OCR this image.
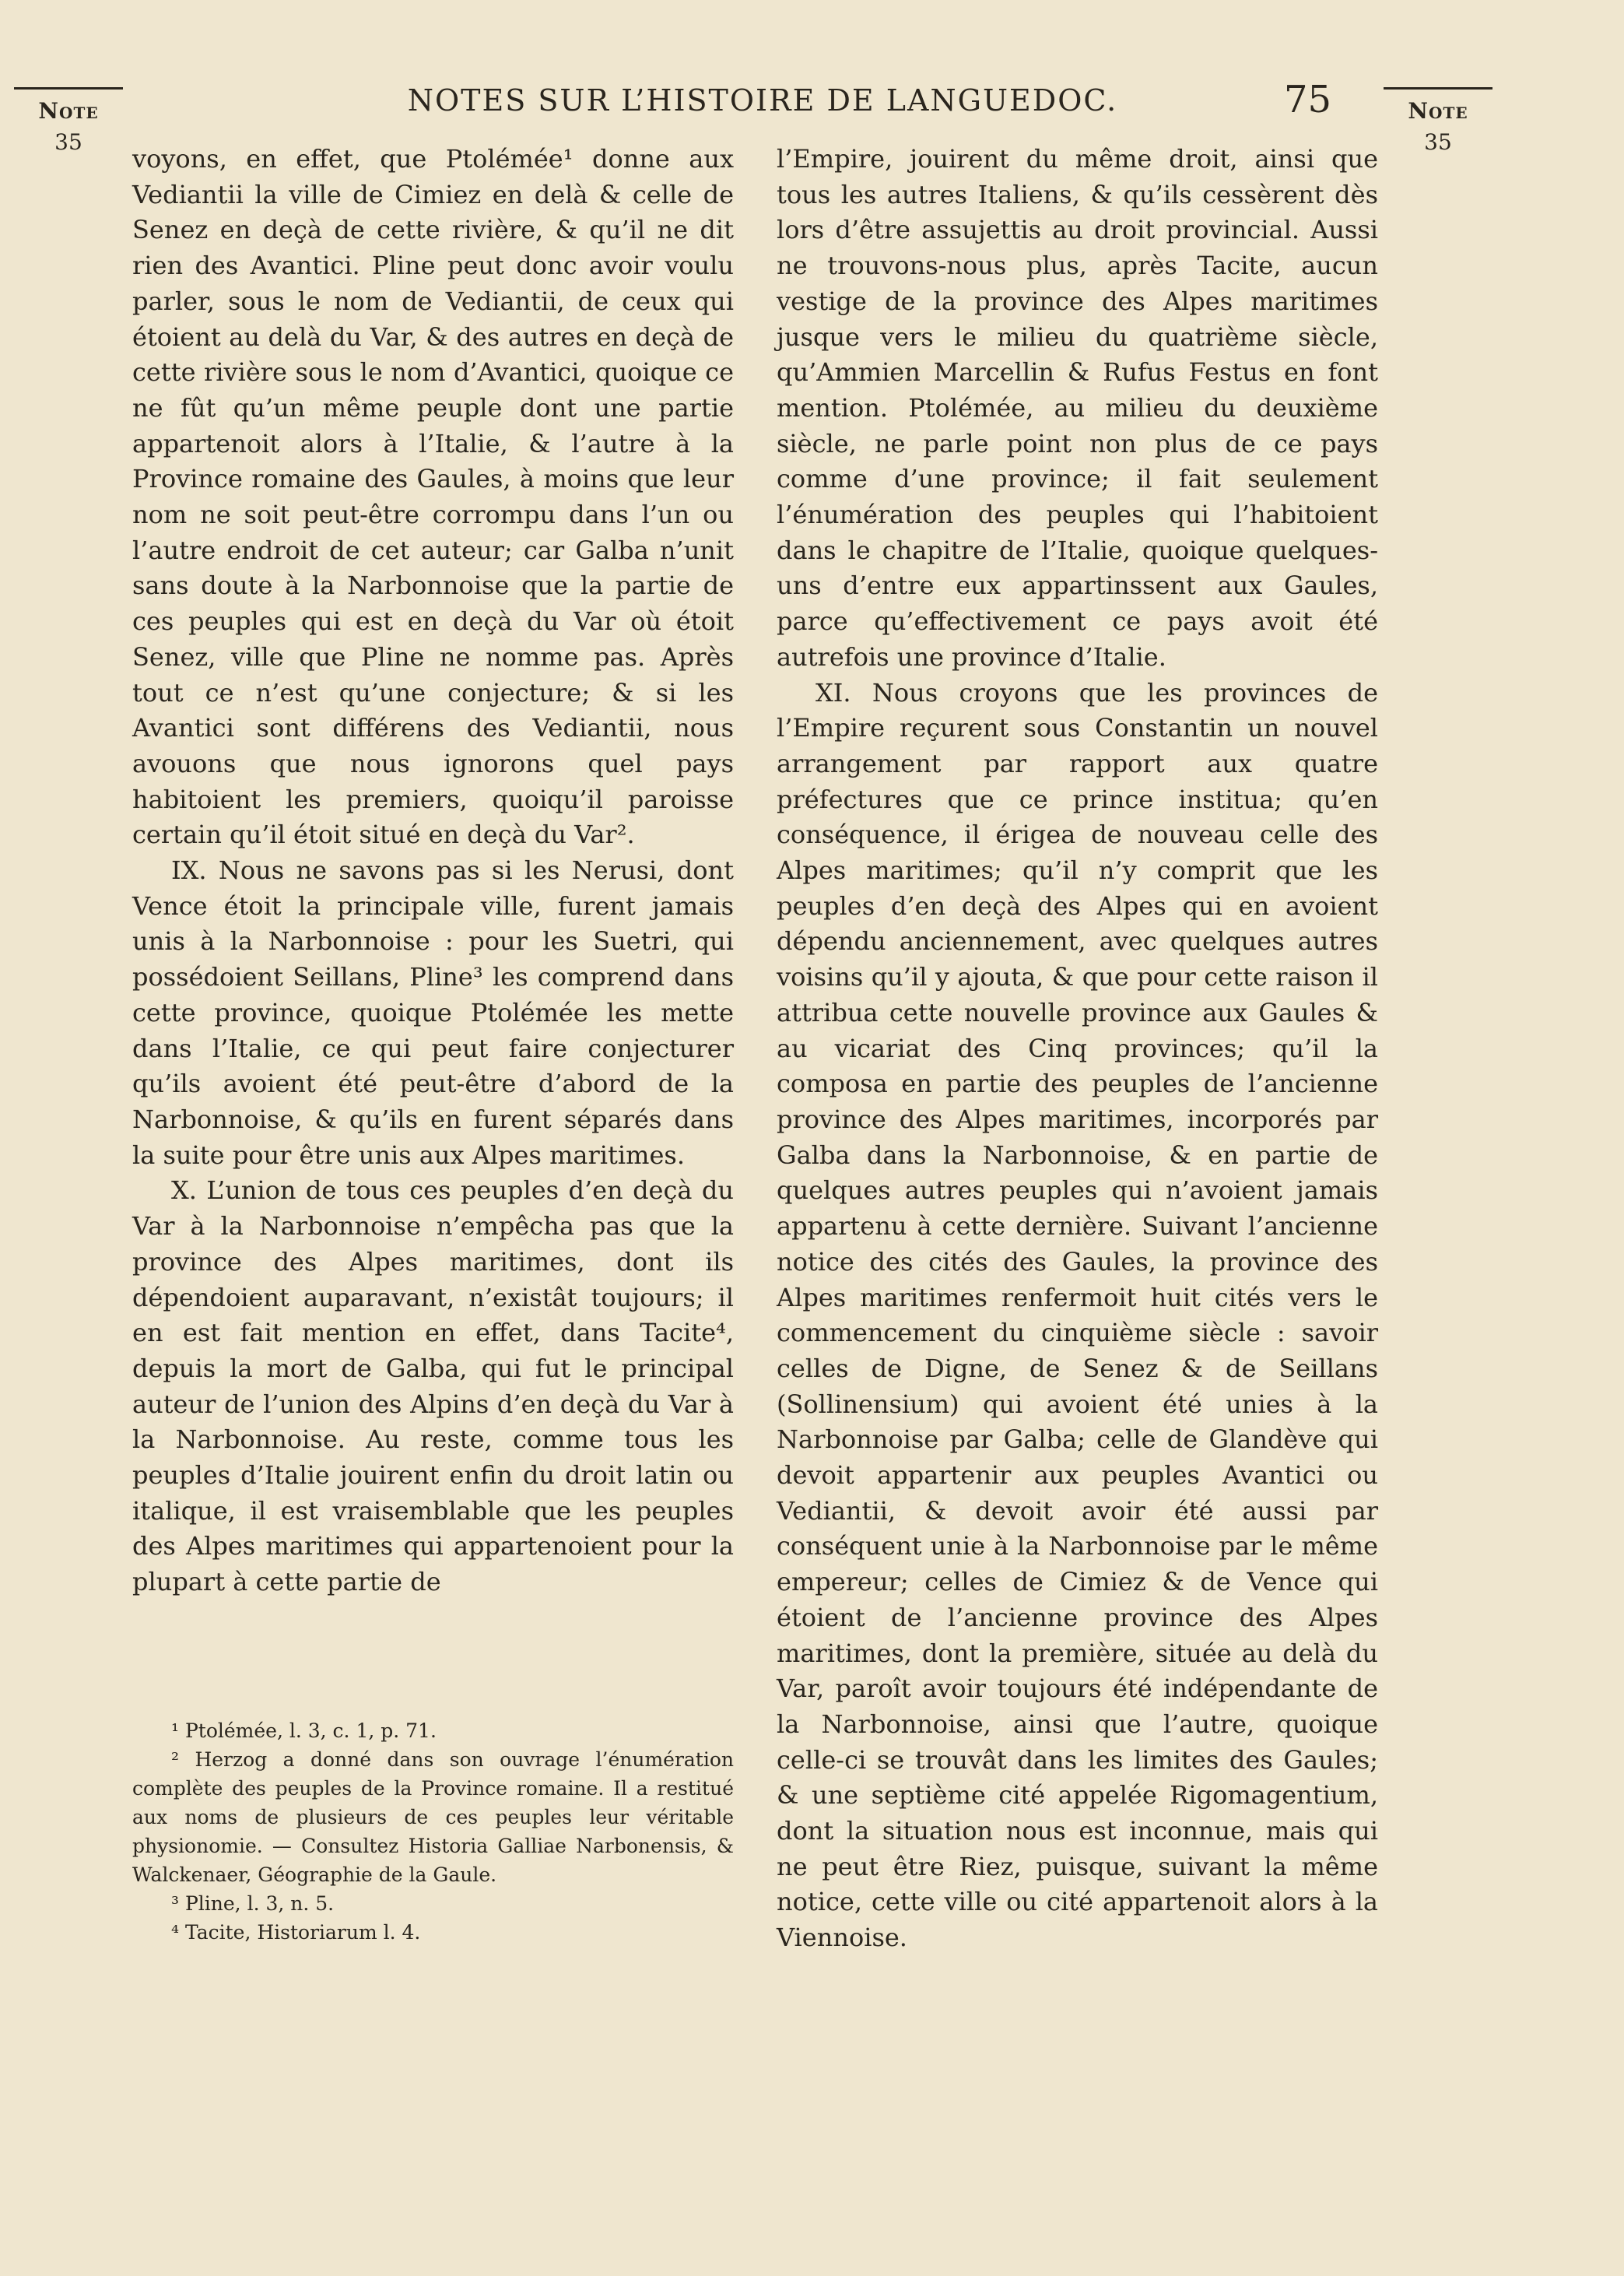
Note
35
NOTES SUR L’HISTOIRE DE LANGUEDOC.	75	Note
35

voyons, en effet, que Ptolémée¹ donne aux Vediantii la ville de Cimiez en delà & celle de Senez en deçà de cette rivière, & qu’il ne dit rien des Avantici. Pline peut donc avoir voulu parler, sous le nom de Vediantii, de ceux qui étoient au delà du Var, & des autres en deçà de cette rivière sous le nom d’Avantici, quoique ce ne fût qu’un même peuple dont une partie appartenoit alors à l’Italie, & l’autre à la Province romaine des Gaules, à moins que leur nom ne soit peut-être corrompu dans l’un ou l’autre endroit de cet auteur; car Galba n’unit sans doute à la Narbonnoise que la partie de ces peuples qui est en deçà du Var où étoit Senez, ville que Pline ne nomme pas. Après tout ce n’est qu’une conjecture; & si les Avantici sont différens des Vediantii, nous avouons que nous ignorons quel pays habitoient les premiers, quoiqu’il paroisse certain qu’il étoit situé en deçà du Var².

IX. Nous ne savons pas si les Nerusi, dont Vence étoit la principale ville, furent jamais unis à la Narbonnoise : pour les Suetri, qui possédoient Seillans, Pline³ les comprend dans cette province, quoique Ptolémée les mette dans l’Italie, ce qui peut faire conjecturer qu’ils avoient été peut-être d’abord de la Narbonnoise, & qu’ils en furent séparés dans la suite pour être unis aux Alpes maritimes.

X. L’union de tous ces peuples d’en deçà du Var à la Narbonnoise n’empêcha pas que la province des Alpes maritimes, dont ils dépendoient auparavant, n’existât toujours; il en est fait mention en effet, dans Tacite⁴, depuis la mort de Galba, qui fut le principal auteur de l’union des Alpins d’en deçà du Var à la Narbonnoise. Au reste, comme tous les peuples d’Italie jouirent enfin du droit latin ou italique, il est vraisemblable que les peuples des Alpes maritimes qui appartenoient pour la plupart à cette partie de

¹ Ptolémée, l. 3, c. 1, p. 71.

² Herzog a donné dans son ouvrage l’énumération complète des peuples de la Province romaine. Il a restitué aux noms de plusieurs de ces peuples leur véritable physionomie. — Consultez Historia Galliae Narbonensis, & Walckenaer, Géographie de la Gaule.

³ Pline, l. 3, n. 5.

⁴ Tacite, Historiarum l. 4.

l’Empire, jouirent du même droit, ainsi que tous les autres Italiens, & qu’ils cessèrent dès lors d’être assujettis au droit provincial. Aussi ne trouvons-nous plus, après Tacite, aucun vestige de la province des Alpes maritimes jusque vers le milieu du quatrième siècle, qu’Ammien Marcellin & Rufus Festus en font mention. Ptolémée, au milieu du deuxième siècle, ne parle point non plus de ce pays comme d’une province; il fait seulement l’énumération des peuples qui l’habitoient dans le chapitre de l’Italie, quoique quelques-uns d’entre eux appartinssent aux Gaules, parce qu’effectivement ce pays avoit été autrefois une province d’Italie.

XI. Nous croyons que les provinces de l’Empire reçurent sous Constantin un nouvel arrangement par rapport aux quatre préfectures que ce prince institua; qu’en conséquence, il érigea de nouveau celle des Alpes maritimes; qu’il n’y comprit que les peuples d’en deçà des Alpes qui en avoient dépendu anciennement, avec quelques autres voisins qu’il y ajouta, & que pour cette raison il attribua cette nouvelle province aux Gaules & au vicariat des Cinq provinces; qu’il la composa en partie des peuples de l’ancienne province des Alpes maritimes, incorporés par Galba dans la Narbonnoise, & en partie de quelques autres peuples qui n’avoient jamais appartenu à cette dernière. Suivant l’ancienne notice des cités des Gaules, la province des Alpes maritimes renfermoit huit cités vers le commencement du cinquième siècle : savoir celles de Digne, de Senez & de Seillans (Sollinensium) qui avoient été unies à la Narbonnoise par Galba; celle de Glandève qui devoit appartenir aux peuples Avantici ou Vediantii, & devoit avoir été aussi par conséquent unie à la Narbonnoise par le même empereur; celles de Cimiez & de Vence qui étoient de l’ancienne province des Alpes maritimes, dont la première, située au delà du Var, paroît avoir toujours été indépendante de la Narbonnoise, ainsi que l’autre, quoique celle-ci se trouvât dans les limites des Gaules; & une septième cité appelée Rigomagentium, dont la situation nous est inconnue, mais qui ne peut être Riez, puisque, suivant la même notice, cette ville ou cité appartenoit alors à la Viennoise.
